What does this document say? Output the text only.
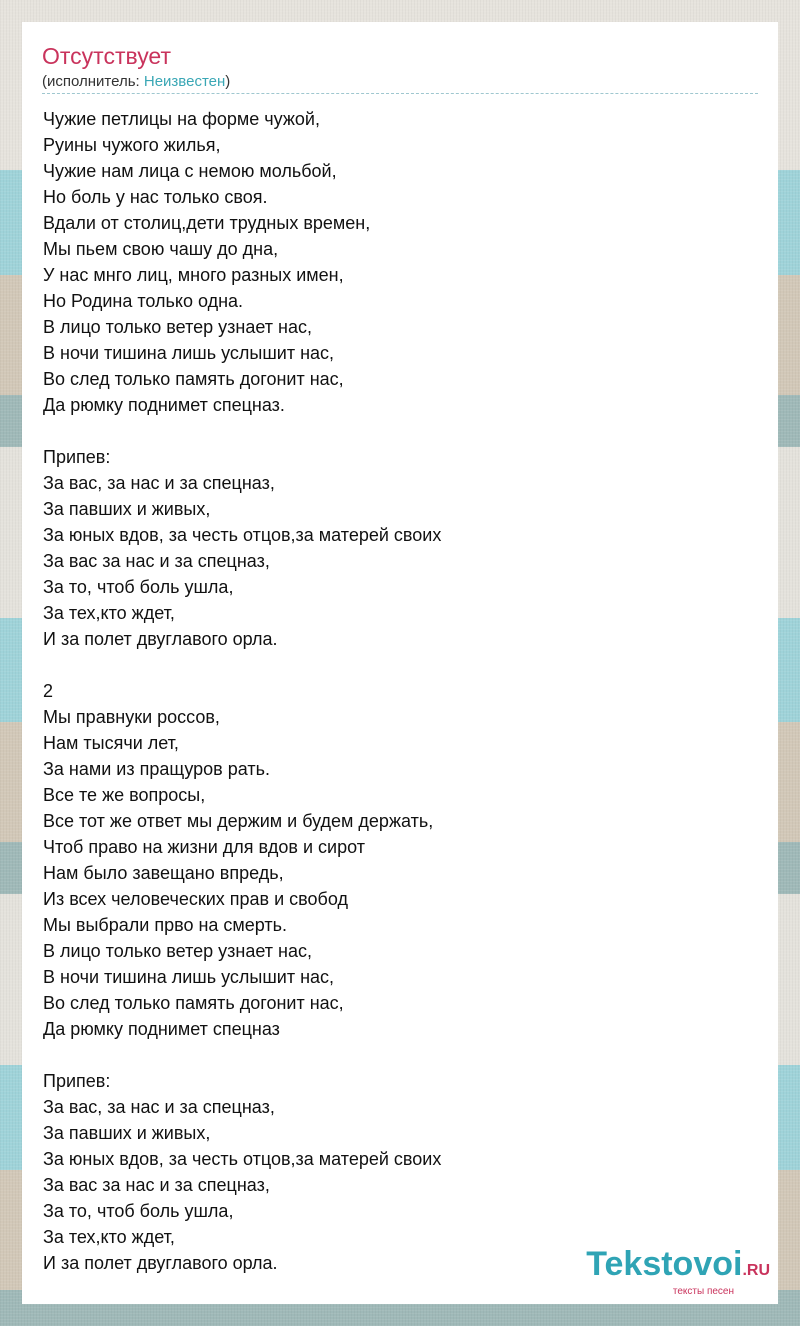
Отсутствует
(исполнитель: Неизвестен)
Чужие петлицы на форме чужой,
Руины чужого жилья,
Чужие нам лица с немою мольбой,
Но боль у нас только своя.
Вдали от столиц,дети трудных времен,
Мы пьем свою чашу до дна,
У нас мнго лиц, много разных имен,
Но Родина только одна.
В лицо только ветер узнает нас,
В ночи тишина лишь услышит нас,
Во след только память догонит нас,
Да рюмку поднимет спецназ.
Припев:
За вас, за нас и за спецназ,
За павших и живых,
За юных вдов, за честь отцов,за матерей своих
За вас за нас и за спецназ,
За то, чтоб боль ушла,
За тех,кто ждет,
И за полет двуглавого орла.
2
Мы правнуки россов,
Нам тысячи лет,
За нами из пращуров рать.
Все те же вопросы,
Все тот же ответ мы держим и будем держать,
Чтоб право на жизни для вдов и сирот
Нам было завещано впредь,
Из всех человеческих прав и свобод
Мы выбрали прво на смерть.
В лицо только ветер узнает нас,
В ночи тишина лишь услышит нас,
Во след только память догонит нас,
Да рюмку поднимет спецназ
Припев:
За вас, за нас и за спецназ,
За павших и живых,
За юных вдов, за честь отцов,за матерей своих
За вас за нас и за спецназ,
За то, чтоб боль ушла,
За тех,кто ждет,
И за полет двуглавого орла.	Tekstovoi.RU
тексты песен
